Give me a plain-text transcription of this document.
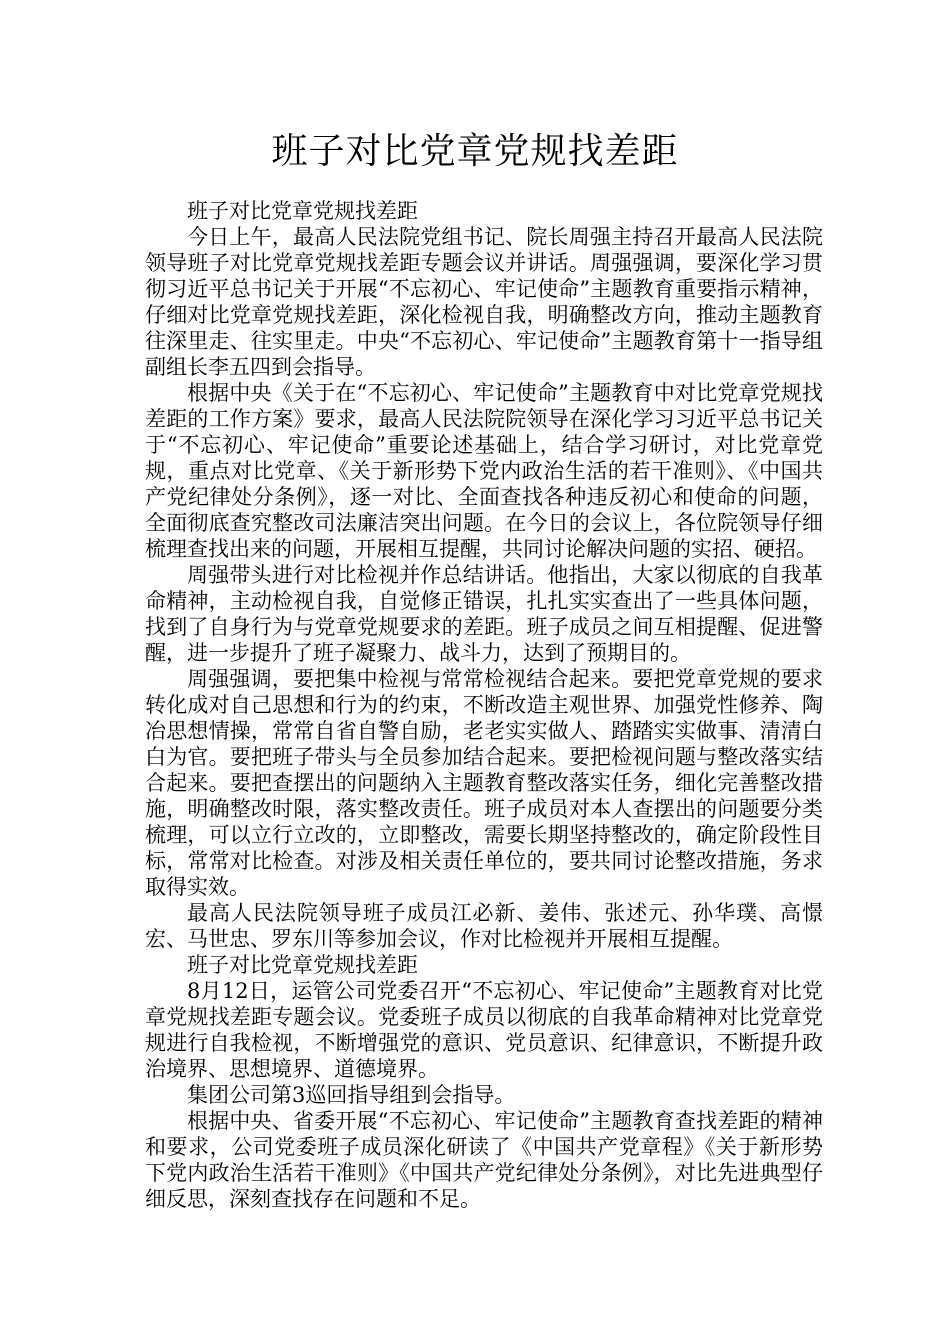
班子对比党章党规找差距

班子对比党章党规找差距

今日上午，最高人民法院党组书记、院长周强主持召开最高人民法院领导班子对比党章党规找差距专题会议并讲话。周强强调，要深化学习贯彻习近平总书记关于开展“不忘初心、牢记使命”主题教育重要指示精神，仔细对比党章党规找差距，深化检视自我，明确整改方向，推动主题教育往深里走、往实里走。中央“不忘初心、牢记使命”主题教育第十一指导组副组长李五四到会指导。

根据中央《关于在“不忘初心、牢记使命”主题教育中对比党章党规找差距的工作方案》要求，最高人民法院院领导在深化学习习近平总书记关于“不忘初心、牢记使命”重要论述基础上，结合学习研讨，对比党章党规，重点对比党章、《关于新形势下党内政治生活的若干准则》、《中国共产党纪律处分条例》，逐一对比、全面查找各种违反初心和使命的问题，全面彻底查究整改司法廉洁突出问题。在今日的会议上，各位院领导仔细梳理查找出来的问题，开展相互提醒，共同讨论解决问题的实招、硬招。

周强带头进行对比检视并作总结讲话。他指出，大家以彻底的自我革命精神，主动检视自我，自觉修正错误，扎扎实实查出了一些具体问题，找到了自身行为与党章党规要求的差距。班子成员之间互相提醒、促进警醒，进一步提升了班子凝聚力、战斗力，达到了预期目的。

周强强调，要把集中检视与常常检视结合起来。要把党章党规的要求转化成对自己思想和行为的约束，不断改造主观世界、加强党性修养、陶冶思想情操，常常自省自警自励，老老实实做人、踏踏实实做事、清清白白为官。要把班子带头与全员参加结合起来。要把检视问题与整改落实结合起来。要把查摆出的问题纳入主题教育整改落实任务，细化完善整改措施，明确整改时限，落实整改责任。班子成员对本人查摆出的问题要分类梳理，可以立行立改的，立即整改，需要长期坚持整改的，确定阶段性目标，常常对比检查。对涉及相关责任单位的，要共同讨论整改措施，务求取得实效。

最高人民法院领导班子成员江必新、姜伟、张述元、孙华璞、高憬宏、马世忠、罗东川等参加会议，作对比检视并开展相互提醒。

班子对比党章党规找差距

8月12日，运管公司党委召开“不忘初心、牢记使命”主题教育对比党章党规找差距专题会议。党委班子成员以彻底的自我革命精神对比党章党规进行自我检视，不断增强党的意识、党员意识、纪律意识，不断提升政治境界、思想境界、道德境界。

集团公司第3巡回指导组到会指导。

根据中央、省委开展“不忘初心、牢记使命”主题教育查找差距的精神和要求，公司党委班子成员深化研读了《中国共产党章程》《关于新形势下党内政治生活若干准则》《中国共产党纪律处分条例》，对比先进典型仔细反思，深刻查找存在问题和不足。
